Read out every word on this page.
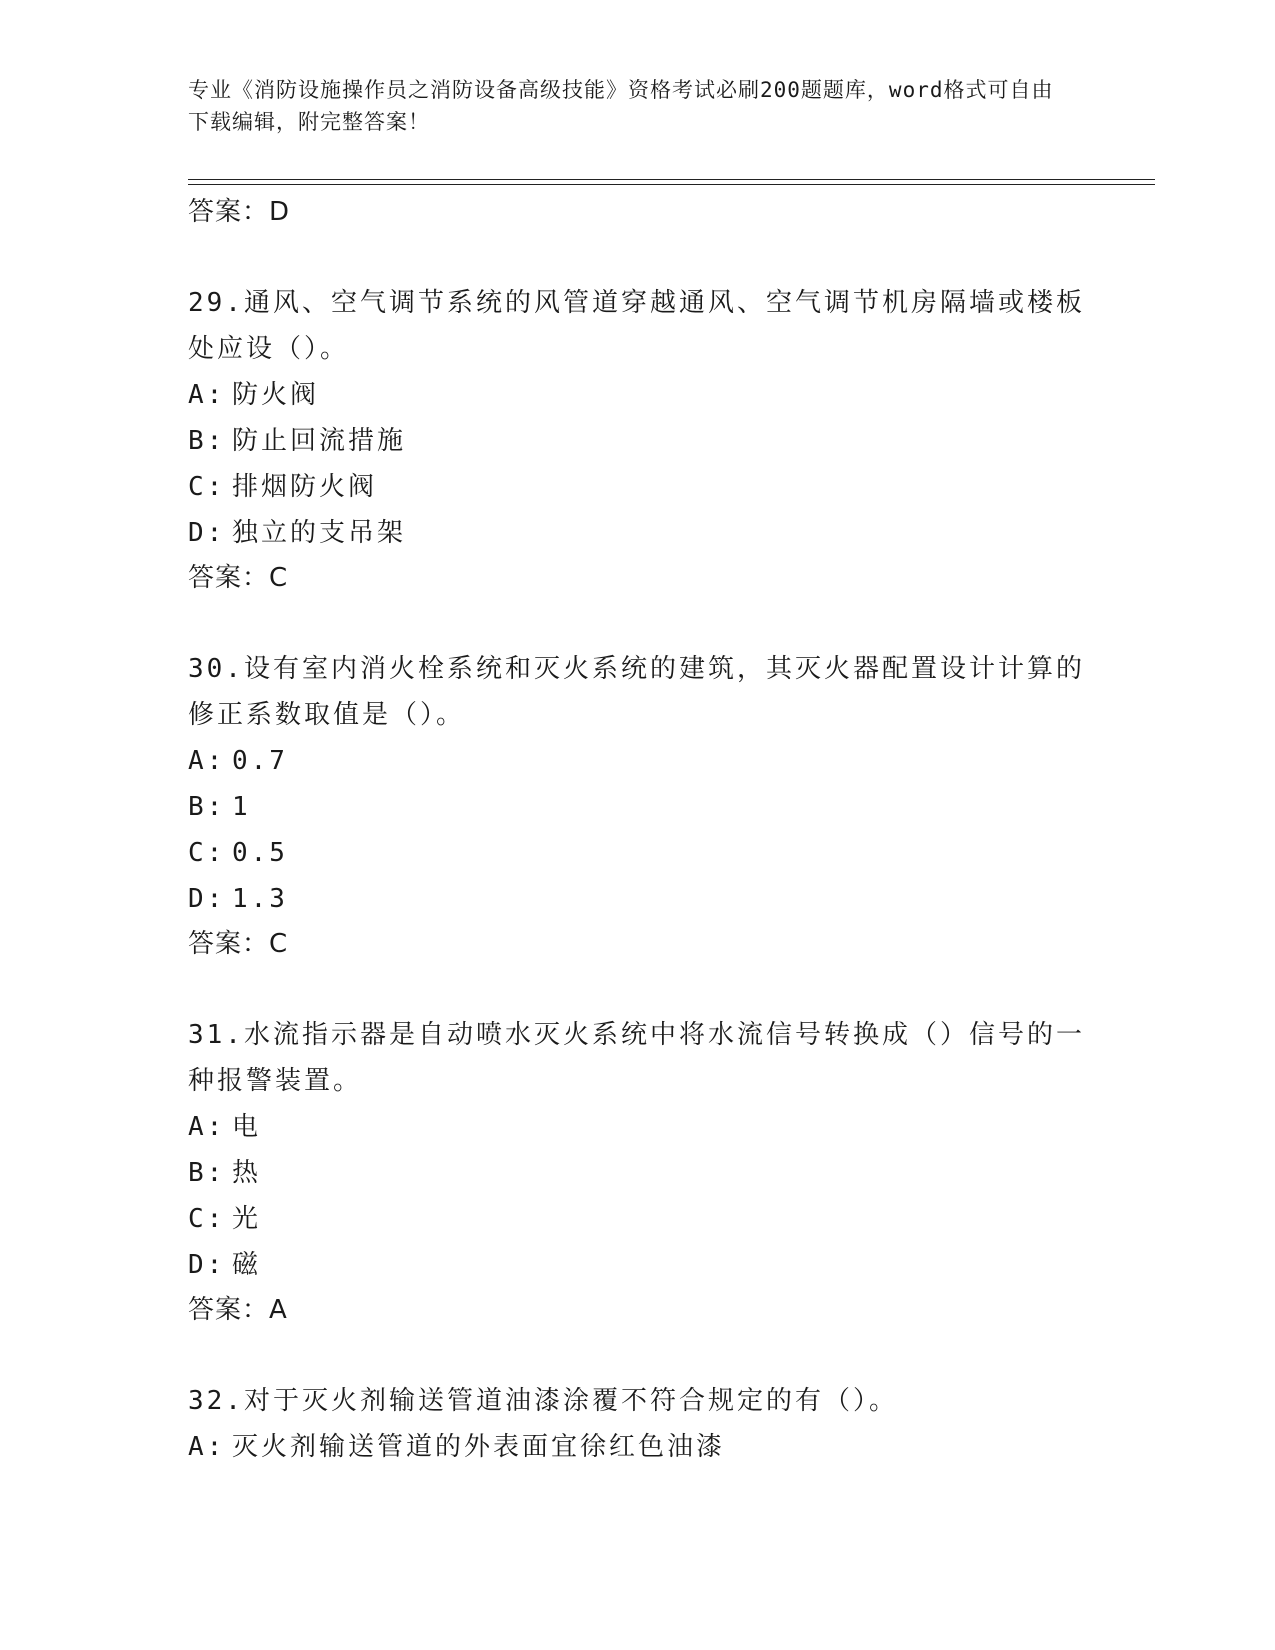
专业《消防设施操作员之消防设备高级技能》资格考试必刷200题题库，word格式可自由下载编辑，附完整答案！
答案：D
29.通风、空气调节系统的风管道穿越通风、空气调节机房隔墙或楼板处应设（）。
A: 防火阀
B: 防止回流措施
C: 排烟防火阀
D: 独立的支吊架
答案：C
30.设有室内消火栓系统和灭火系统的建筑，其灭火器配置设计计算的修正系数取值是（）。
A: 0.7
B: 1
C: 0.5
D: 1.3
答案：C
31.水流指示器是自动喷水灭火系统中将水流信号转换成（）信号的一种报警装置。
A: 电
B: 热
C: 光
D: 磁
答案：A
32.对于灭火剂输送管道油漆涂覆不符合规定的有（）。
A: 灭火剂输送管道的外表面宜徐红色油漆
